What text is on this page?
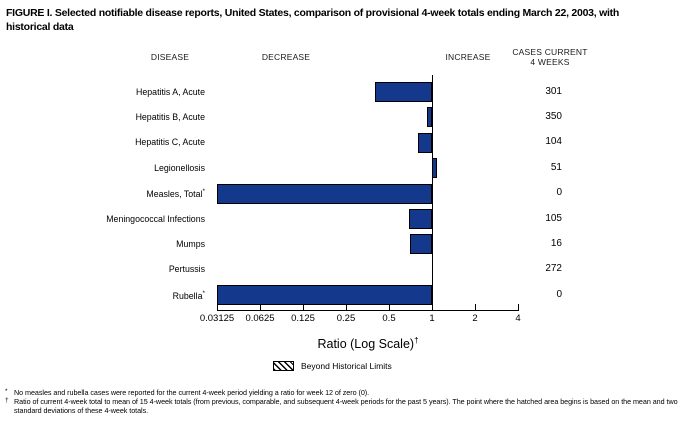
FIGURE I. Selected notifiable disease reports, United States, comparison of provisional 4-week totals ending March 22, 2003, with historical data
DISEASE	DECREASE	INCREASE	CASES CURRENT
4 WEEKS
Hepatitis A, Acute	301
Hepatitis B, Acute	350
Hepatitis C, Acute	104
Legionellosis	51
Measles, Total*	0
Meningococcal Infections	105
Mumps	16
Pertussis	272
Rubella*	0
0.03125	0.0625	0.125	0.25	0.5	1	2	4
Ratio (Log Scale)†
Beyond Historical Limits
* No measles and rubella cases were reported for the current 4-week period yielding a ratio for week 12 of zero (0).
† Ratio of current 4-week total to mean of 15 4-week totals (from previous, comparable, and subsequent 4-week periods for the past 5 years). The point where the hatched area begins is based on the mean and two standard deviations of these 4-week totals.
